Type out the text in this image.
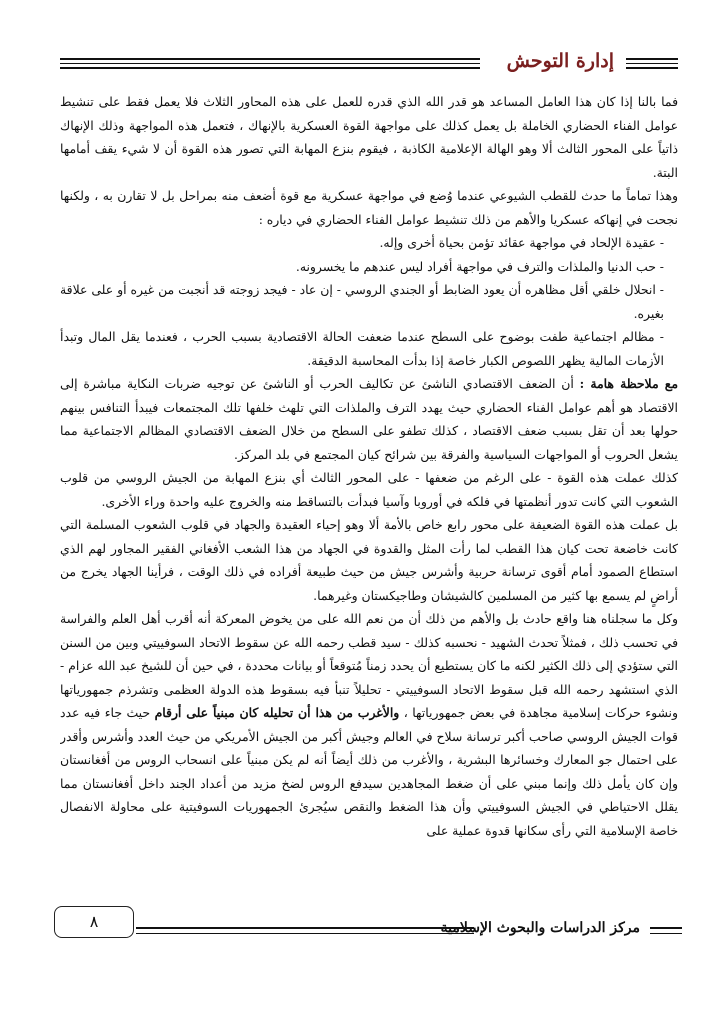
إدارة التوحش

فما بالنا إذا كان هذا العامل المساعد هو قدر الله الذي قدره للعمل على هذه المحاور الثلاث فلا يعمل فقط على تنشيط عوامل الفناء الحضاري الخاملة بل يعمل كذلك على مواجهة القوة العسكرية بالإنهاك ، فتعمل هذه المواجهة وذلك الإنهاك ذاتياً على المحور الثالث ألا وهو الهالة الإعلامية الكاذبة ، فيقوم بنزع المهابة التي تصور هذه القوة أن لا شيء يقف أمامها البتة.

وهذا تماماً ما حدث للقطب الشيوعي عندما وُضع في مواجهة عسكرية مع قوة أضعف منه بمراحل بل لا تقارن به ، ولكنها نجحت في إنهاكه عسكريا والأهم من ذلك تنشيط عوامل الفناء الحضاري في دياره :

- عقيدة الإلحاد في مواجهة عقائد تؤمن بحياة أخرى وإله.

- حب الدنيا والملذات والترف في مواجهة أفراد ليس عندهم ما يخسرونه.

- انحلال خلقي أقل مظاهره أن يعود الضابط أو الجندي الروسي - إن عاد - فيجد زوجته قد أنجبت من غيره أو على علاقة بغيره.

- مظالم اجتماعية طفت بوضوح على السطح عندما ضعفت الحالة الاقتصادية بسبب الحرب ، فعندما يقل المال وتبدأ الأزمات المالية يظهر اللصوص الكبار خاصة إذا بدأت المحاسبة الدقيقة.

مع ملاحظة هامة : أن الضعف الاقتصادي الناشئ عن تكاليف الحرب أو الناشئ عن توجيه ضربات النكاية مباشرة إلى الاقتصاد هو أهم عوامل الفناء الحضاري حيث يهدد الترف والملذات التي تلهث خلفها تلك المجتمعات فيبدأ التنافس بينهم حولها بعد أن تقل بسبب ضعف الاقتصاد ، كذلك تطفو على السطح من خلال الضعف الاقتصادي المظالم الاجتماعية مما يشعل الحروب أو المواجهات السياسية والفرقة بين شرائح كيان المجتمع في بلد المركز.

كذلك عملت هذه القوة - على الرغم من ضعفها - على المحور الثالث أي بنزع المهابة من الجيش الروسي من قلوب الشعوب التي كانت تدور أنظمتها في فلكه في أوروبا وآسيا فبدأت بالتساقط منه والخروج عليه واحدة وراء الأخرى.

بل عملت هذه القوة الضعيفة على محور رابع خاص بالأمة ألا وهو إحياء العقيدة والجهاد في قلوب الشعوب المسلمة التي كانت خاضعة تحت كيان هذا القطب لما رأت المثل والقدوة في الجهاد من هذا الشعب الأفغاني الفقير المجاور لهم الذي استطاع الصمود أمام أقوى ترسانة حربية وأشرس جيش من حيث طبيعة أفراده في ذلك الوقت ، فرأينا الجهاد يخرج من أراضٍ لم يسمع بها كثير من المسلمين كالشيشان وطاجيكستان وغيرهما.

وكل ما سجلناه هنا واقع حادث بل والأهم من ذلك أن من نعم الله على من يخوض المعركة أنه أقرب أهل العلم والفراسة في تحسب ذلك ، فمثلاً تحدث الشهيد - نحسبه كذلك - سيد قطب رحمه الله عن سقوط الاتحاد السوفييتي وبين من السنن التي ستؤدي إلى ذلك الكثير لكنه ما كان يستطيع أن يحدد زمناً مُتوقعاً أو بيانات محددة ، في حين أن للشيخ عبد الله عزام - الذي استشهد رحمه الله قبل سقوط الاتحاد السوفييتي - تحليلاً تنبأ فيه بسقوط هذه الدولة العظمى وتشرذم جمهورياتها ونشوء حركات إسلامية مجاهدة في بعض جمهورياتها ، والأغرب من هذا أن تحليله كان مبنياً على أرقام حيث جاء فيه عدد قوات الجيش الروسي صاحب أكبر ترسانة سلاح في العالم وجيش أكبر من الجيش الأمريكي من حيث العدد وأشرس وأقدر على احتمال جو المعارك وخسائرها البشرية ، والأغرب من ذلك أيضاً أنه لم يكن مبنياً على انسحاب الروس من أفغانستان وإن كان يأمل ذلك وإنما مبني على أن ضغط المجاهدين سيدفع الروس لضخ مزيد من أعداد الجند داخل أفغانستان مما يقلل الاحتياطي في الجيش السوفييتي وأن هذا الضغط والنقص سيُجرئ الجمهوريات السوفيتية على محاولة الانفصال خاصة الإسلامية التي رأى سكانها قدوة عملية على

٨	مركز الدراسات والبحوث الإسلامية
